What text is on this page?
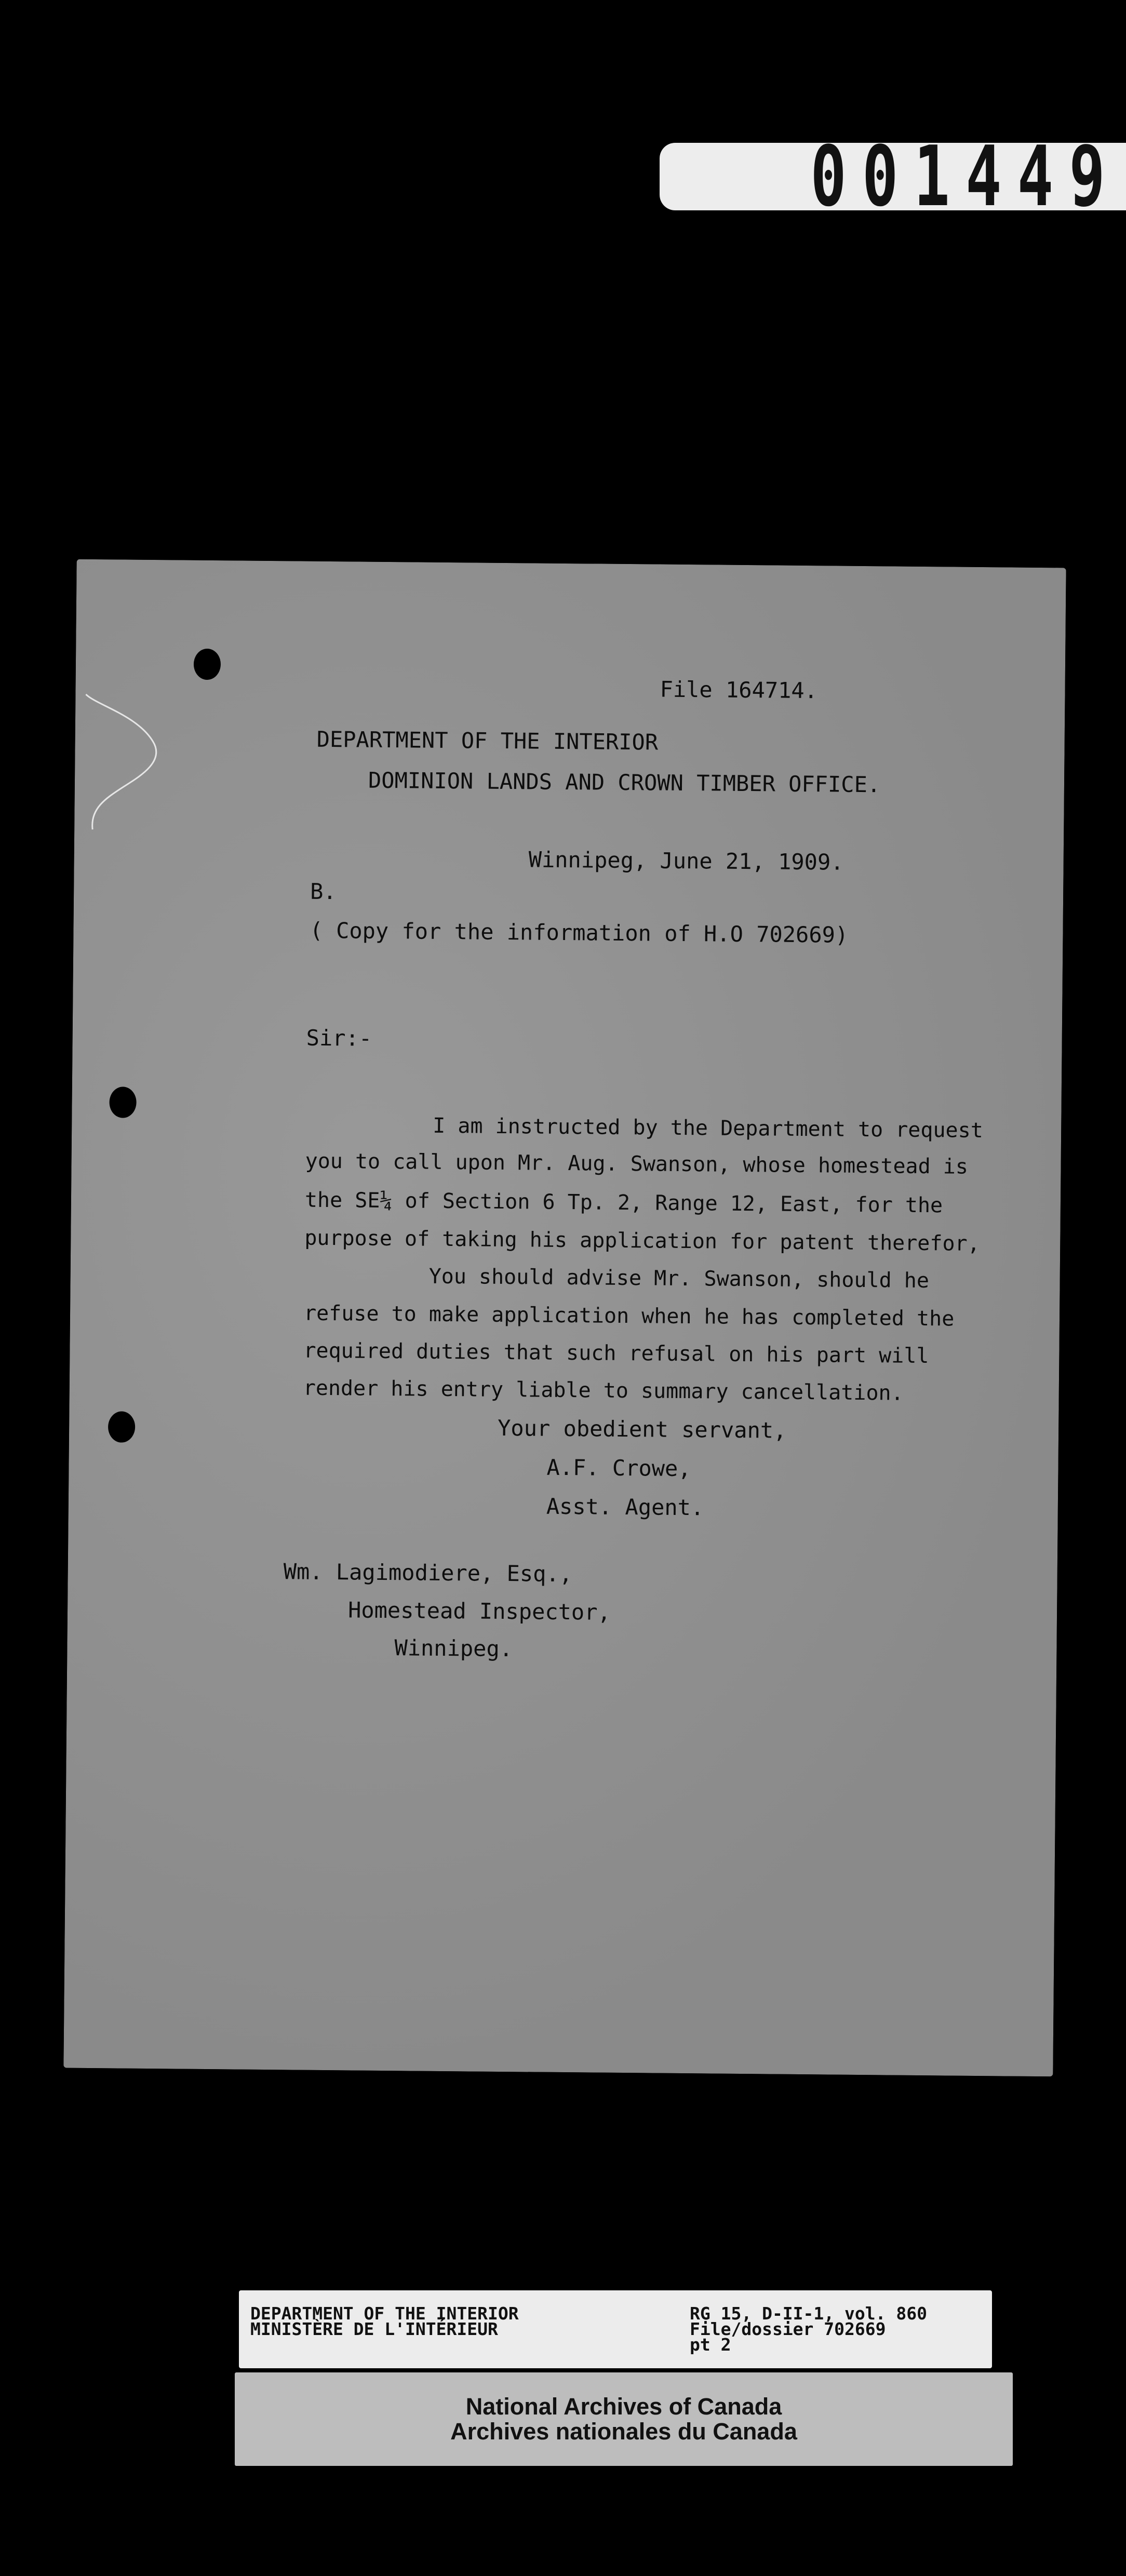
001449
File 164714.
DEPARTMENT OF THE INTERIOR
DOMINION LANDS AND CROWN TIMBER OFFICE.
Winnipeg, June 21, 1909.
B.
( Copy for the information of H.O 702669)
Sir:-
I am instructed by the Department to request
you to call upon Mr. Aug. Swanson, whose homestead is
the SE¼ of Section 6 Tp. 2, Range 12, East, for the
purpose of taking his application for patent therefor,
You should advise Mr. Swanson, should he
refuse to make application when he has completed the
required duties that such refusal on his part will
render his entry liable to summary cancellation.
Your obedient servant,
A.F. Crowe,
Asst. Agent.
Wm. Lagimodiere, Esq.,
Homestead Inspector,
Winnipeg.
DEPARTMENT OF THE INTERIOR
MINISTÈRE DE L'INTÉRIEUR
RG 15, D-II-1, vol. 860
File/dossier 702669
pt 2
National Archives of Canada
Archives nationales du Canada
